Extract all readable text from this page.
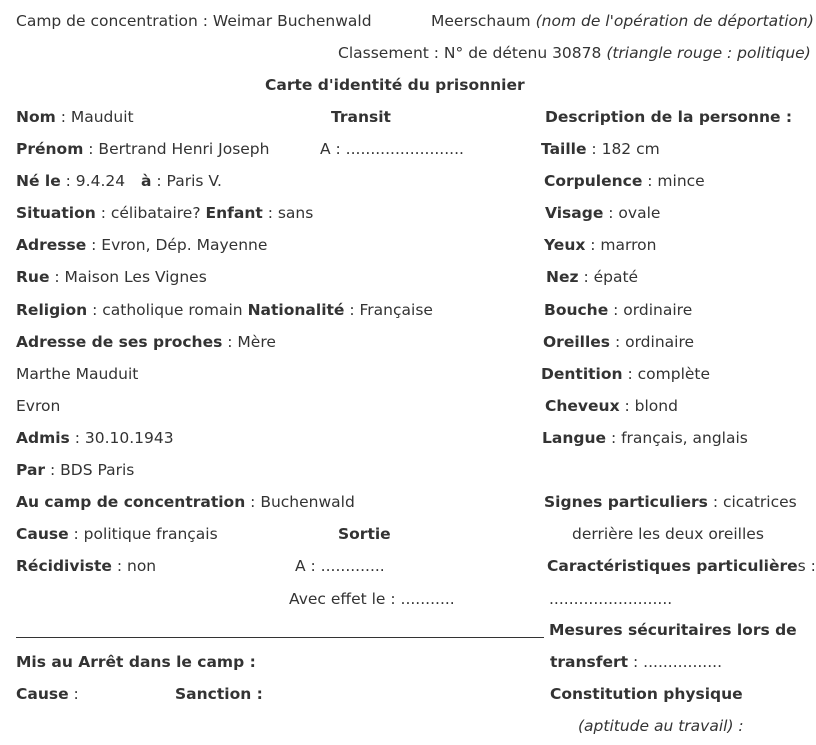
Camp de concentration : Weimar Buchenwald	Meerschaum (nom de l'opération de déportation)
Classement : N° de détenu 30878 (triangle rouge : politique)
Carte d'identité du prisonnier
Nom : Mauduit
Prénom : Bertrand Henri Joseph
Né le : 9.4.24 à : Paris V.
Situation : célibataire? Enfant : sans
Adresse : Evron, Dép. Mayenne
Rue : Maison Les Vignes
Religion : catholique romain Nationalité : Française
Adresse de ses proches : Mère
Marthe Mauduit
Evron
Admis : 30.10.1943
Par : BDS Paris
Au camp de concentration : Buchenwald
Cause : politique français
Récidiviste : non
Mis au Arrêt dans le camp :
Cause :	Sanction :
Transit
A : ........................
Sortie
A : .............
Avec effet le : ...........
Description de la personne :
Taille : 182 cm
Corpulence : mince
Visage : ovale
Yeux : marron
Nez : épaté
Bouche : ordinaire
Oreilles : ordinaire
Dentition : complète
Cheveux : blond
Langue : français, anglais
Signes particuliers : cicatrices
derrière les deux oreilles
Caractéristiques particulières :
.........................
Mesures sécuritaires lors de
transfert : ................
Constitution physique
(aptitude au travail) :
